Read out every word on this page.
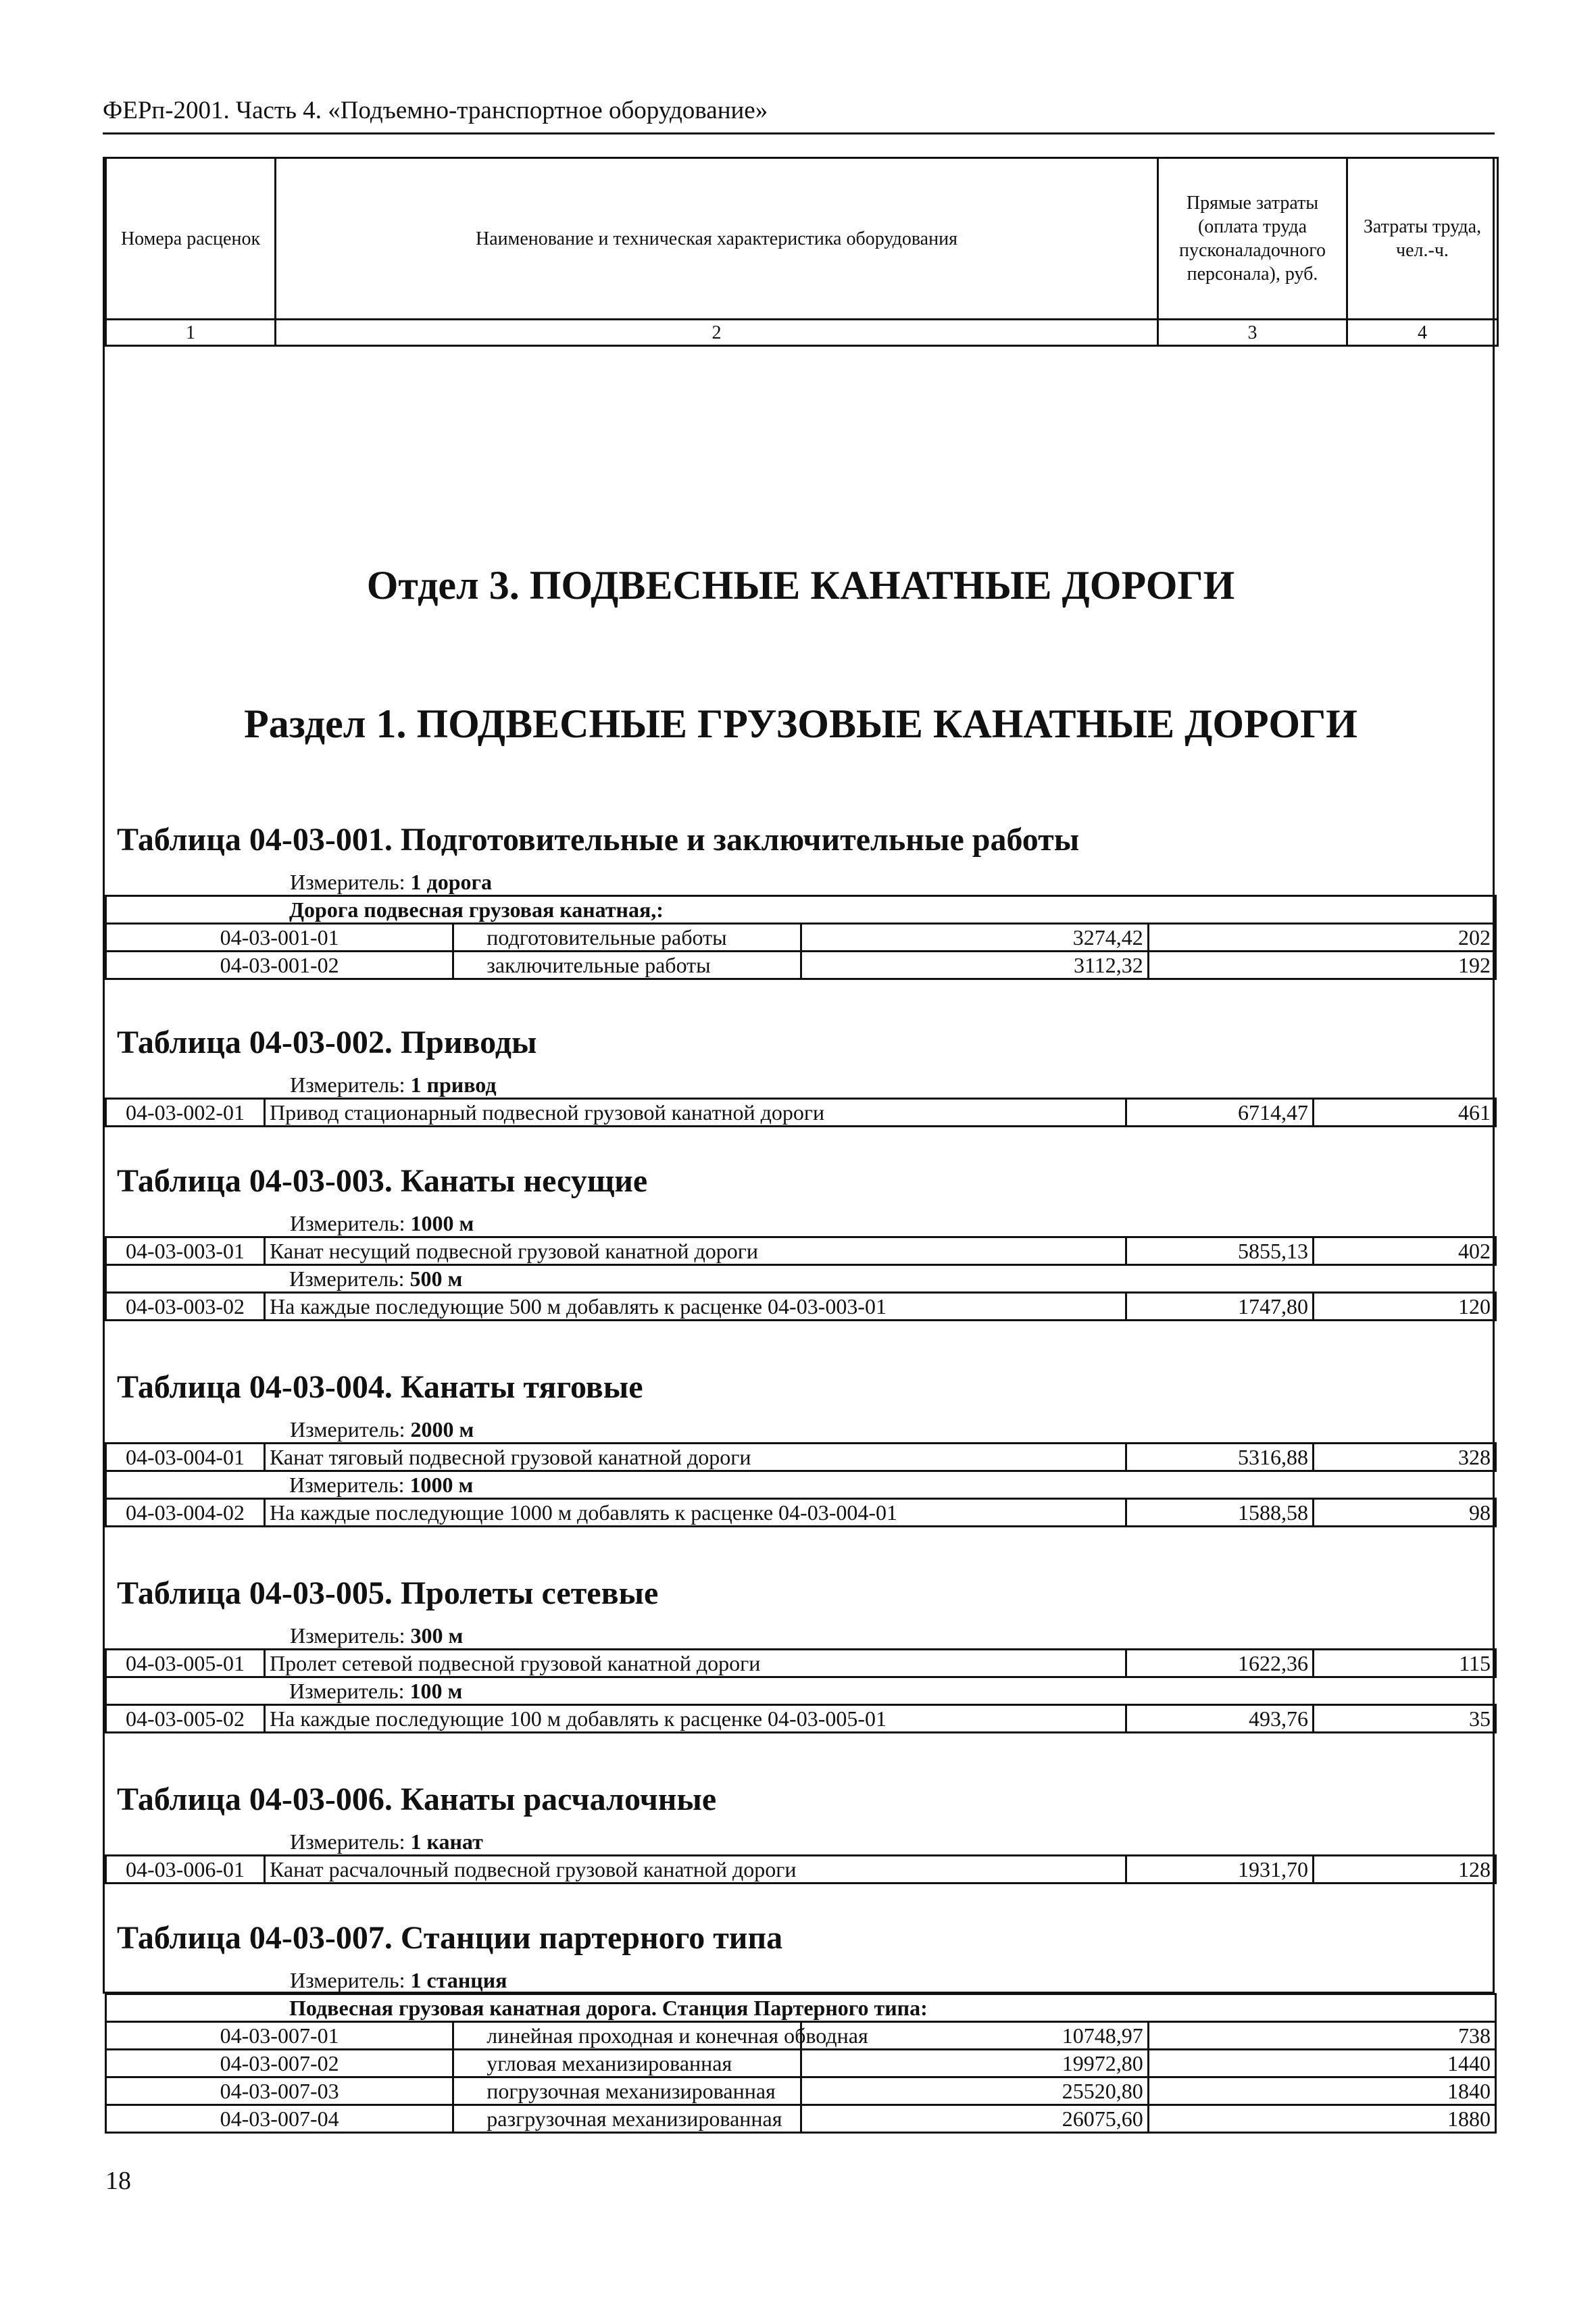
ФЕРп-2001. Часть 4. «Подъемно-транспортное оборудование»
Номера расценок	Наименование и техническая характеристика оборудования	Прямые затраты (оплата труда пусконаладочного персонала), руб.	Затраты труда, чел.-ч.
1	2	3	4
Отдел 3. ПОДВЕСНЫЕ КАНАТНЫЕ ДОРОГИ
Раздел 1. ПОДВЕСНЫЕ ГРУЗОВЫЕ КАНАТНЫЕ ДОРОГИ
Таблица 04-03-001. Подготовительные и заключительные работы
Измеритель: 1 дорога
Дорога подвесная грузовая канатная,:			
04-03-001-01	подготовительные работы	3274,42	202
04-03-001-02	заключительные работы	3112,32	192
Таблица 04-03-002. Приводы
Измеритель: 1 привод
04-03-002-01	Привод стационарный подвесной грузовой канатной дороги	6714,47	461
Таблица 04-03-003. Канаты несущие
Измеритель: 1000 м
04-03-003-01	Канат несущий подвесной грузовой канатной дороги	5855,13	402
Измеритель: 500 м			
04-03-003-02	На каждые последующие 500 м добавлять к расценке 04-03-003-01	1747,80	120
Таблица 04-03-004. Канаты тяговые
Измеритель: 2000 м
04-03-004-01	Канат тяговый подвесной грузовой канатной дороги	5316,88	328
Измеритель: 1000 м			
04-03-004-02	На каждые последующие 1000 м добавлять к расценке 04-03-004-01	1588,58	98
Таблица 04-03-005. Пролеты сетевые
Измеритель: 300 м
04-03-005-01	Пролет сетевой подвесной грузовой канатной дороги	1622,36	115
Измеритель: 100 м			
04-03-005-02	На каждые последующие 100 м добавлять к расценке 04-03-005-01	493,76	35
Таблица 04-03-006. Канаты расчалочные
Измеритель: 1 канат
04-03-006-01	Канат расчалочный подвесной грузовой канатной дороги	1931,70	128
Таблица 04-03-007. Станции партерного типа
Измеритель: 1 станция
Подвесная грузовая канатная дорога. Станция Партерного типа:			
04-03-007-01	линейная проходная и конечная обводная	10748,97	738
04-03-007-02	угловая механизированная	19972,80	1440
04-03-007-03	погрузочная механизированная	25520,80	1840
04-03-007-04	разгрузочная механизированная	26075,60	1880
18
